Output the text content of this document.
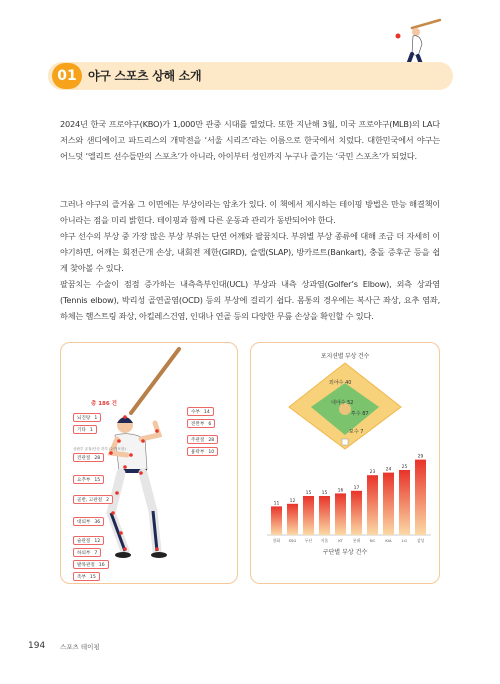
01 야구 스포츠 상해 소개

2024년 한국 프로야구(KBO)가 1,000만 관중 시대를 열었다. 또한 지난해 3월, 미국 프로야구(MLB)의 LA다저스와 샌디에이고 파드리스의 개막전을 ‘서울 시리즈’라는 이름으로 한국에서 치렀다. 대한민국에서 야구는 어느덧 ‘엘리트 선수들만의 스포츠’가 아니라, 아이부터 성인까지 누구나 즐기는 ‘국민 스포츠’가 되었다.

그러나 야구의 즐거움 그 이면에는 부상이라는 암초가 있다. 이 책에서 제시하는 테이핑 방법은 만능 해결책이 아니라는 점을 미리 밝힌다. 테이핑과 함께 다른 운동과 관리가 동반되어야 한다.

야구 선수의 부상 중 가장 많은 부상 부위는 단연 어깨와 팔꿈치다. 부위별 부상 종류에 대해 조금 더 자세히 이야기하면, 어깨는 회전근개 손상, 내회전 제한(GIRD), 슬랩(SLAP), 방카르트(Bankart), 충돌 증후군 등을 쉽게 찾아볼 수 있다.

팔꿈치는 수술이 점점 증가하는 내측측부인대(UCL) 부상과 내측 상과염(Golfer’s Elbow), 외측 상과염(Tennis elbow), 박리성 골연골염(OCD) 등의 부상에 걸리기 쉽다. 몸통의 경우에는 복사근 좌상, 요추 염좌, 하체는 햄스트링 좌상, 아킬레스건염, 인대나 연골 등의 다양한 무릎 손상을 확인할 수 있다.

총 186 건
뇌진탕 1
기타 1
상완부 골절(단순 하부 (2건 포함)
견관절 28
요추부 15
골반, 고관절 2
대퇴부 36
슬관절 12
하퇴부 7
발목관절 16
족부 15
수부 14
전완부 6
주관절 28
흉곽부 10
포지션별 부상 건수
외야수 40
내야수 52
투수 87
포수 7
11
한화
12
SSG
15
두산
15
키움
16
KT
17
롯데
23
NC
24
KIA
25
LG
29
삼성
구단별 부상 건수
194 스포츠 테이핑
